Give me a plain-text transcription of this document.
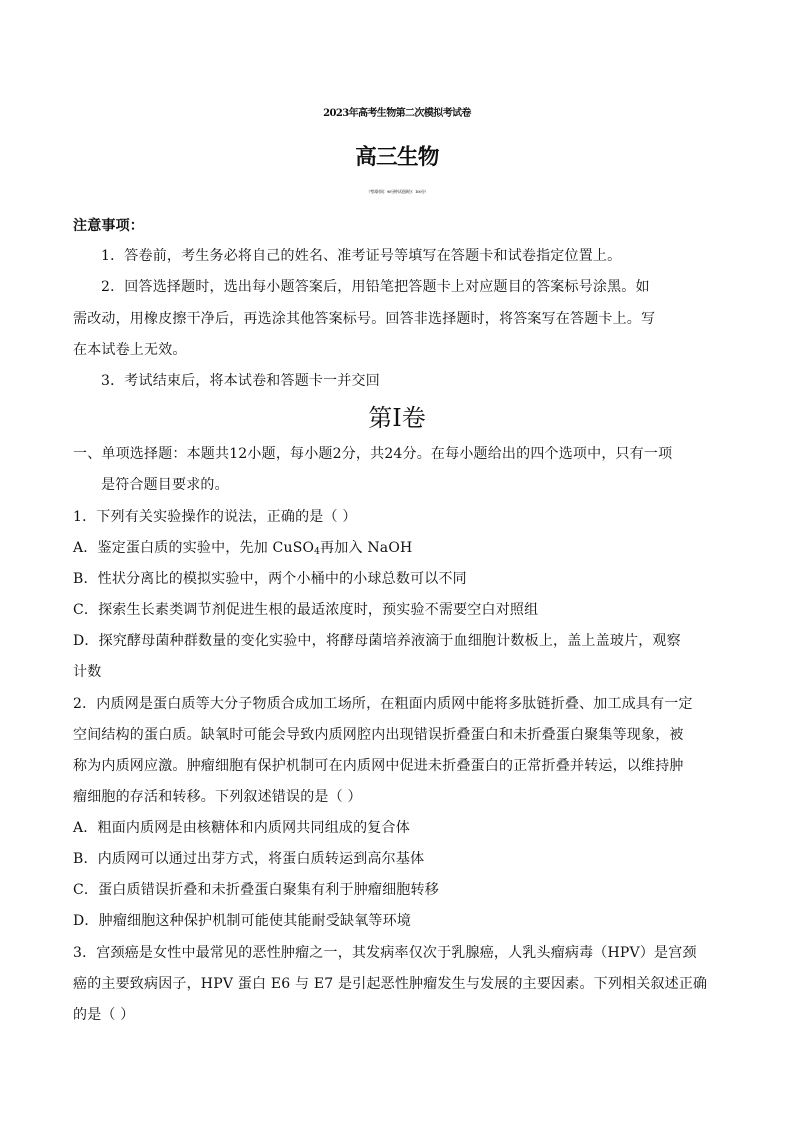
2023年高考生物第二次模拟考试卷
高三生物
（考试时间：90分钟 试卷满分：100分）
注意事项：
1．答卷前，考生务必将自己的姓名、准考证号等填写在答题卡和试卷指定位置上。
2．回答选择题时，选出每小题答案后，用铅笔把答题卡上对应题目的答案标号涂黑。如
需改动，用橡皮擦干净后，再选涂其他答案标号。回答非选择题时，将答案写在答题卡上。写
在本试卷上无效。
3．考试结束后，将本试卷和答题卡一并交回
第Ⅰ卷
一、单项选择题：本题共12小题，每小题2分，共24分。在每小题给出的四个选项中，只有一项
是符合题目要求的。
1．下列有关实验操作的说法，正确的是（ ）
A．鉴定蛋白质的实验中，先加 CuSO$_4$再加入 NaOH
B．性状分离比的模拟实验中，两个小桶中的小球总数可以不同
C．探索生长素类调节剂促进生根的最适浓度时，预实验不需要空白对照组
D．探究酵母菌种群数量的变化实验中，将酵母菌培养液滴于血细胞计数板上，盖上盖玻片，观察
计数
2．内质网是蛋白质等大分子物质合成加工场所，在粗面内质网中能将多肽链折叠、加工成具有一定
空间结构的蛋白质。缺氧时可能会导致内质网腔内出现错误折叠蛋白和未折叠蛋白聚集等现象，被
称为内质网应激。肿瘤细胞有保护机制可在内质网中促进未折叠蛋白的正常折叠并转运，以维持肿
瘤细胞的存活和转移。下列叙述错误的是（ ）
A．粗面内质网是由核糖体和内质网共同组成的复合体
B．内质网可以通过出芽方式，将蛋白质转运到高尔基体
C．蛋白质错误折叠和未折叠蛋白聚集有利于肿瘤细胞转移
D．肿瘤细胞这种保护机制可能使其能耐受缺氧等环境
3．宫颈癌是女性中最常见的恶性肿瘤之一，其发病率仅次于乳腺癌，人乳头瘤病毒（HPV）是宫颈
癌的主要致病因子，HPV 蛋白 E6 与 E7 是引起恶性肿瘤发生与发展的主要因素。下列相关叙述正确
的是（ ）
